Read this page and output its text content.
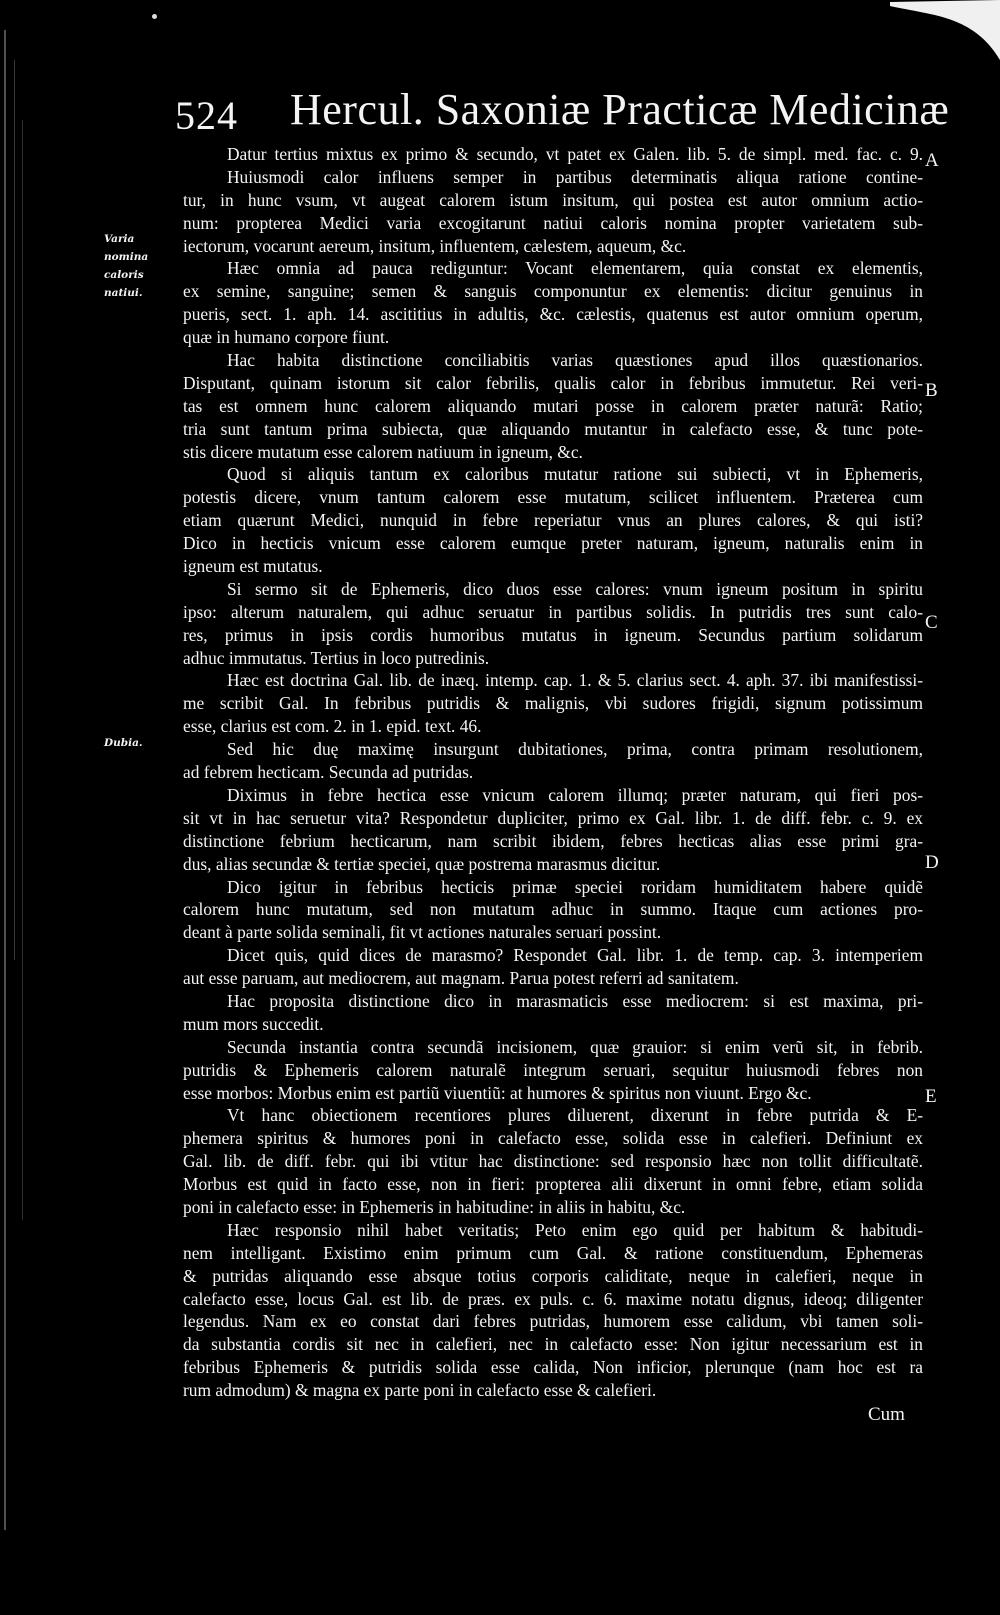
524 Hercul. Saxoniæ Practicæ Medicinæ
Varia nomina caloris natiui.
Dubia.
A
B
C
D
E
Datur tertius mixtus ex primo & secundo, vt patet ex Galen. lib. 5. de simpl. med. fac. c. 9.
Huiusmodi calor influens semper in partibus determinatis aliqua ratione contine-
tur, in hunc vsum, vt augeat calorem istum insitum, qui postea est autor omnium actio-
num: propterea Medici varia excogitarunt natiui caloris nomina propter varietatem sub-
iectorum, vocarunt aereum, insitum, influentem, cælestem, aqueum, &c.
Hæc omnia ad pauca rediguntur: Vocant elementarem, quia constat ex elementis,
ex semine, sanguine; semen & sanguis componuntur ex elementis: dicitur genuinus in
pueris, sect. 1. aph. 14. ascititius in adultis, &c. cælestis, quatenus est autor omnium operum,
quæ in humano corpore fiunt.
Hac habita distinctione conciliabitis varias quæstiones apud illos quæstionarios.
Disputant, quinam istorum sit calor febrilis, qualis calor in febribus immutetur. Rei veri-
tas est omnem hunc calorem aliquando mutari posse in calorem præter naturã: Ratio;
tria sunt tantum prima subiecta, quæ aliquando mutantur in calefacto esse, & tunc pote-
stis dicere mutatum esse calorem natiuum in igneum, &c.
Quod si aliquis tantum ex caloribus mutatur ratione sui subiecti, vt in Ephemeris,
potestis dicere, vnum tantum calorem esse mutatum, scilicet influentem. Præterea cum
etiam quærunt Medici, nunquid in febre reperiatur vnus an plures calores, & qui isti?
Dico in hecticis vnicum esse calorem eumque preter naturam, igneum, naturalis enim in
igneum est mutatus.
Si sermo sit de Ephemeris, dico duos esse calores: vnum igneum positum in spiritu
ipso: alterum naturalem, qui adhuc seruatur in partibus solidis. In putridis tres sunt calo-
res, primus in ipsis cordis humoribus mutatus in igneum. Secundus partium solidarum
adhuc immutatus. Tertius in loco putredinis.
Hæc est doctrina Gal. lib. de inæq. intemp. cap. 1. & 5. clarius sect. 4. aph. 37. ibi manifestissi-
me scribit Gal. In febribus putridis & malignis, vbi sudores frigidi, signum potissimum
esse, clarius est com. 2. in 1. epid. text. 46.
Sed hic duę maximę insurgunt dubitationes, prima, contra primam resolutionem,
ad febrem hecticam. Secunda ad putridas.
Diximus in febre hectica esse vnicum calorem illumq; præter naturam, qui fieri pos-
sit vt in hac seruetur vita? Respondetur dupliciter, primo ex Gal. libr. 1. de diff. febr. c. 9. ex
distinctione febrium hecticarum, nam scribit ibidem, febres hecticas alias esse primi gra-
dus, alias secundæ & tertiæ speciei, quæ postrema marasmus dicitur.
Dico igitur in febribus hecticis primæ speciei roridam humiditatem habere quidẽ
calorem hunc mutatum, sed non mutatum adhuc in summo. Itaque cum actiones pro-
deant à parte solida seminali, fit vt actiones naturales seruari possint.
Dicet quis, quid dices de marasmo? Respondet Gal. libr. 1. de temp. cap. 3. intemperiem
aut esse paruam, aut mediocrem, aut magnam. Parua potest referri ad sanitatem.
Hac proposita distinctione dico in marasmaticis esse mediocrem: si est maxima, pri-
mum mors succedit.
Secunda instantia contra secundã incisionem, quæ grauior: si enim verũ sit, in febrib.
putridis & Ephemeris calorem naturalẽ integrum seruari, sequitur huiusmodi febres non
esse morbos: Morbus enim est partiũ viuentiũ: at humores & spiritus non viuunt. Ergo &c.
Vt hanc obiectionem recentiores plures diluerent, dixerunt in febre putrida & E-
phemera spiritus & humores poni in calefacto esse, solida esse in calefieri. Definiunt ex
Gal. lib. de diff. febr. qui ibi vtitur hac distinctione: sed responsio hæc non tollit difficultatẽ.
Morbus est quid in facto esse, non in fieri: propterea alii dixerunt in omni febre, etiam solida
poni in calefacto esse: in Ephemeris in habitudine: in aliis in habitu, &c.
Hæc responsio nihil habet veritatis; Peto enim ego quid per habitum & habitudi-
nem intelligant. Existimo enim primum cum Gal. & ratione constituendum, Ephemeras
& putridas aliquando esse absque totius corporis caliditate, neque in calefieri, neque in
calefacto esse, locus Gal. est lib. de præs. ex puls. c. 6. maxime notatu dignus, ideoq; diligenter
legendus. Nam ex eo constat dari febres putridas, humorem esse calidum, vbi tamen soli-
da substantia cordis sit nec in calefieri, nec in calefacto esse: Non igitur necessarium est in
febribus Ephemeris & putridis solida esse calida, Non inficior, plerunque (nam hoc est ra
rum admodum) & magna ex parte poni in calefacto esse & calefieri.
Cum
